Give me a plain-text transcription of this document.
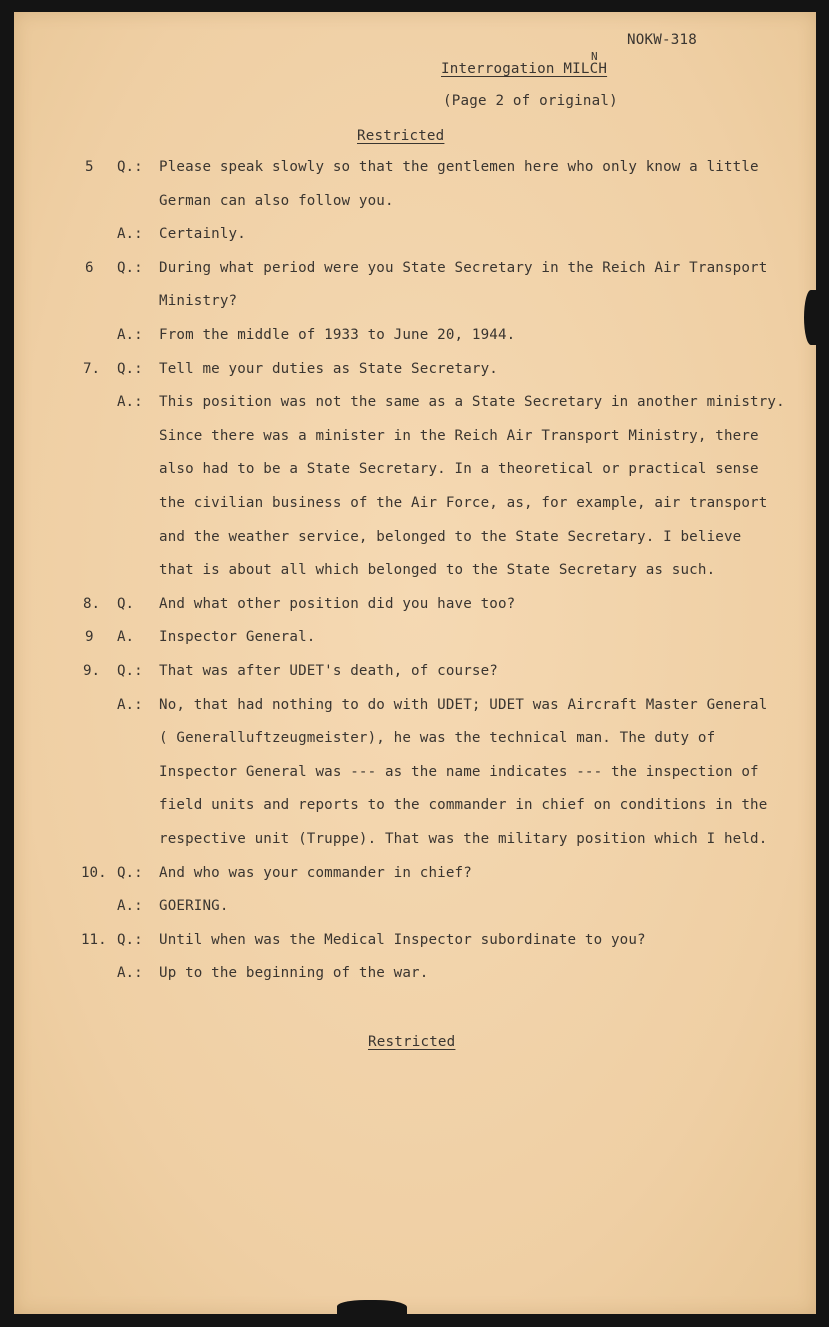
NOKW-318
N
Interrogation MILCH
(Page 2 of original)
Restricted
5 Q.: Please speak slowly so that the gentlemen here who only know a little
German can also follow you.
A.: Certainly.
6 Q.: During what period were you State Secretary in the Reich Air Transport
Ministry?
A.: From the middle of 1933 to June 20, 1944.
7. Q.: Tell me your duties as State Secretary.
A.: This position was not the same as a State Secretary in another ministry.
Since there was a minister in the Reich Air Transport Ministry, there
also had to be a State Secretary. In a theoretical or practical sense
the civilian business of the Air Force, as, for example, air transport
and the weather service, belonged to the State Secretary. I believe
that is about all which belonged to the State Secretary as such.
8. Q. And what other position did you have too?
9 A. Inspector General.
9. Q.: That was after UDET's death, of course?
A.: No, that had nothing to do with UDET; UDET was Aircraft Master General
( Generalluftzeugmeister), he was the technical man. The duty of
Inspector General was --- as the name indicates --- the inspection of
field units and reports to the commander in chief on conditions in the
respective unit (Truppe). That was the military position which I held.
10. Q.: And who was your commander in chief?
A.: GOERING.
11. Q.: Until when was the Medical Inspector subordinate to you?
A.: Up to the beginning of the war.
Restricted
